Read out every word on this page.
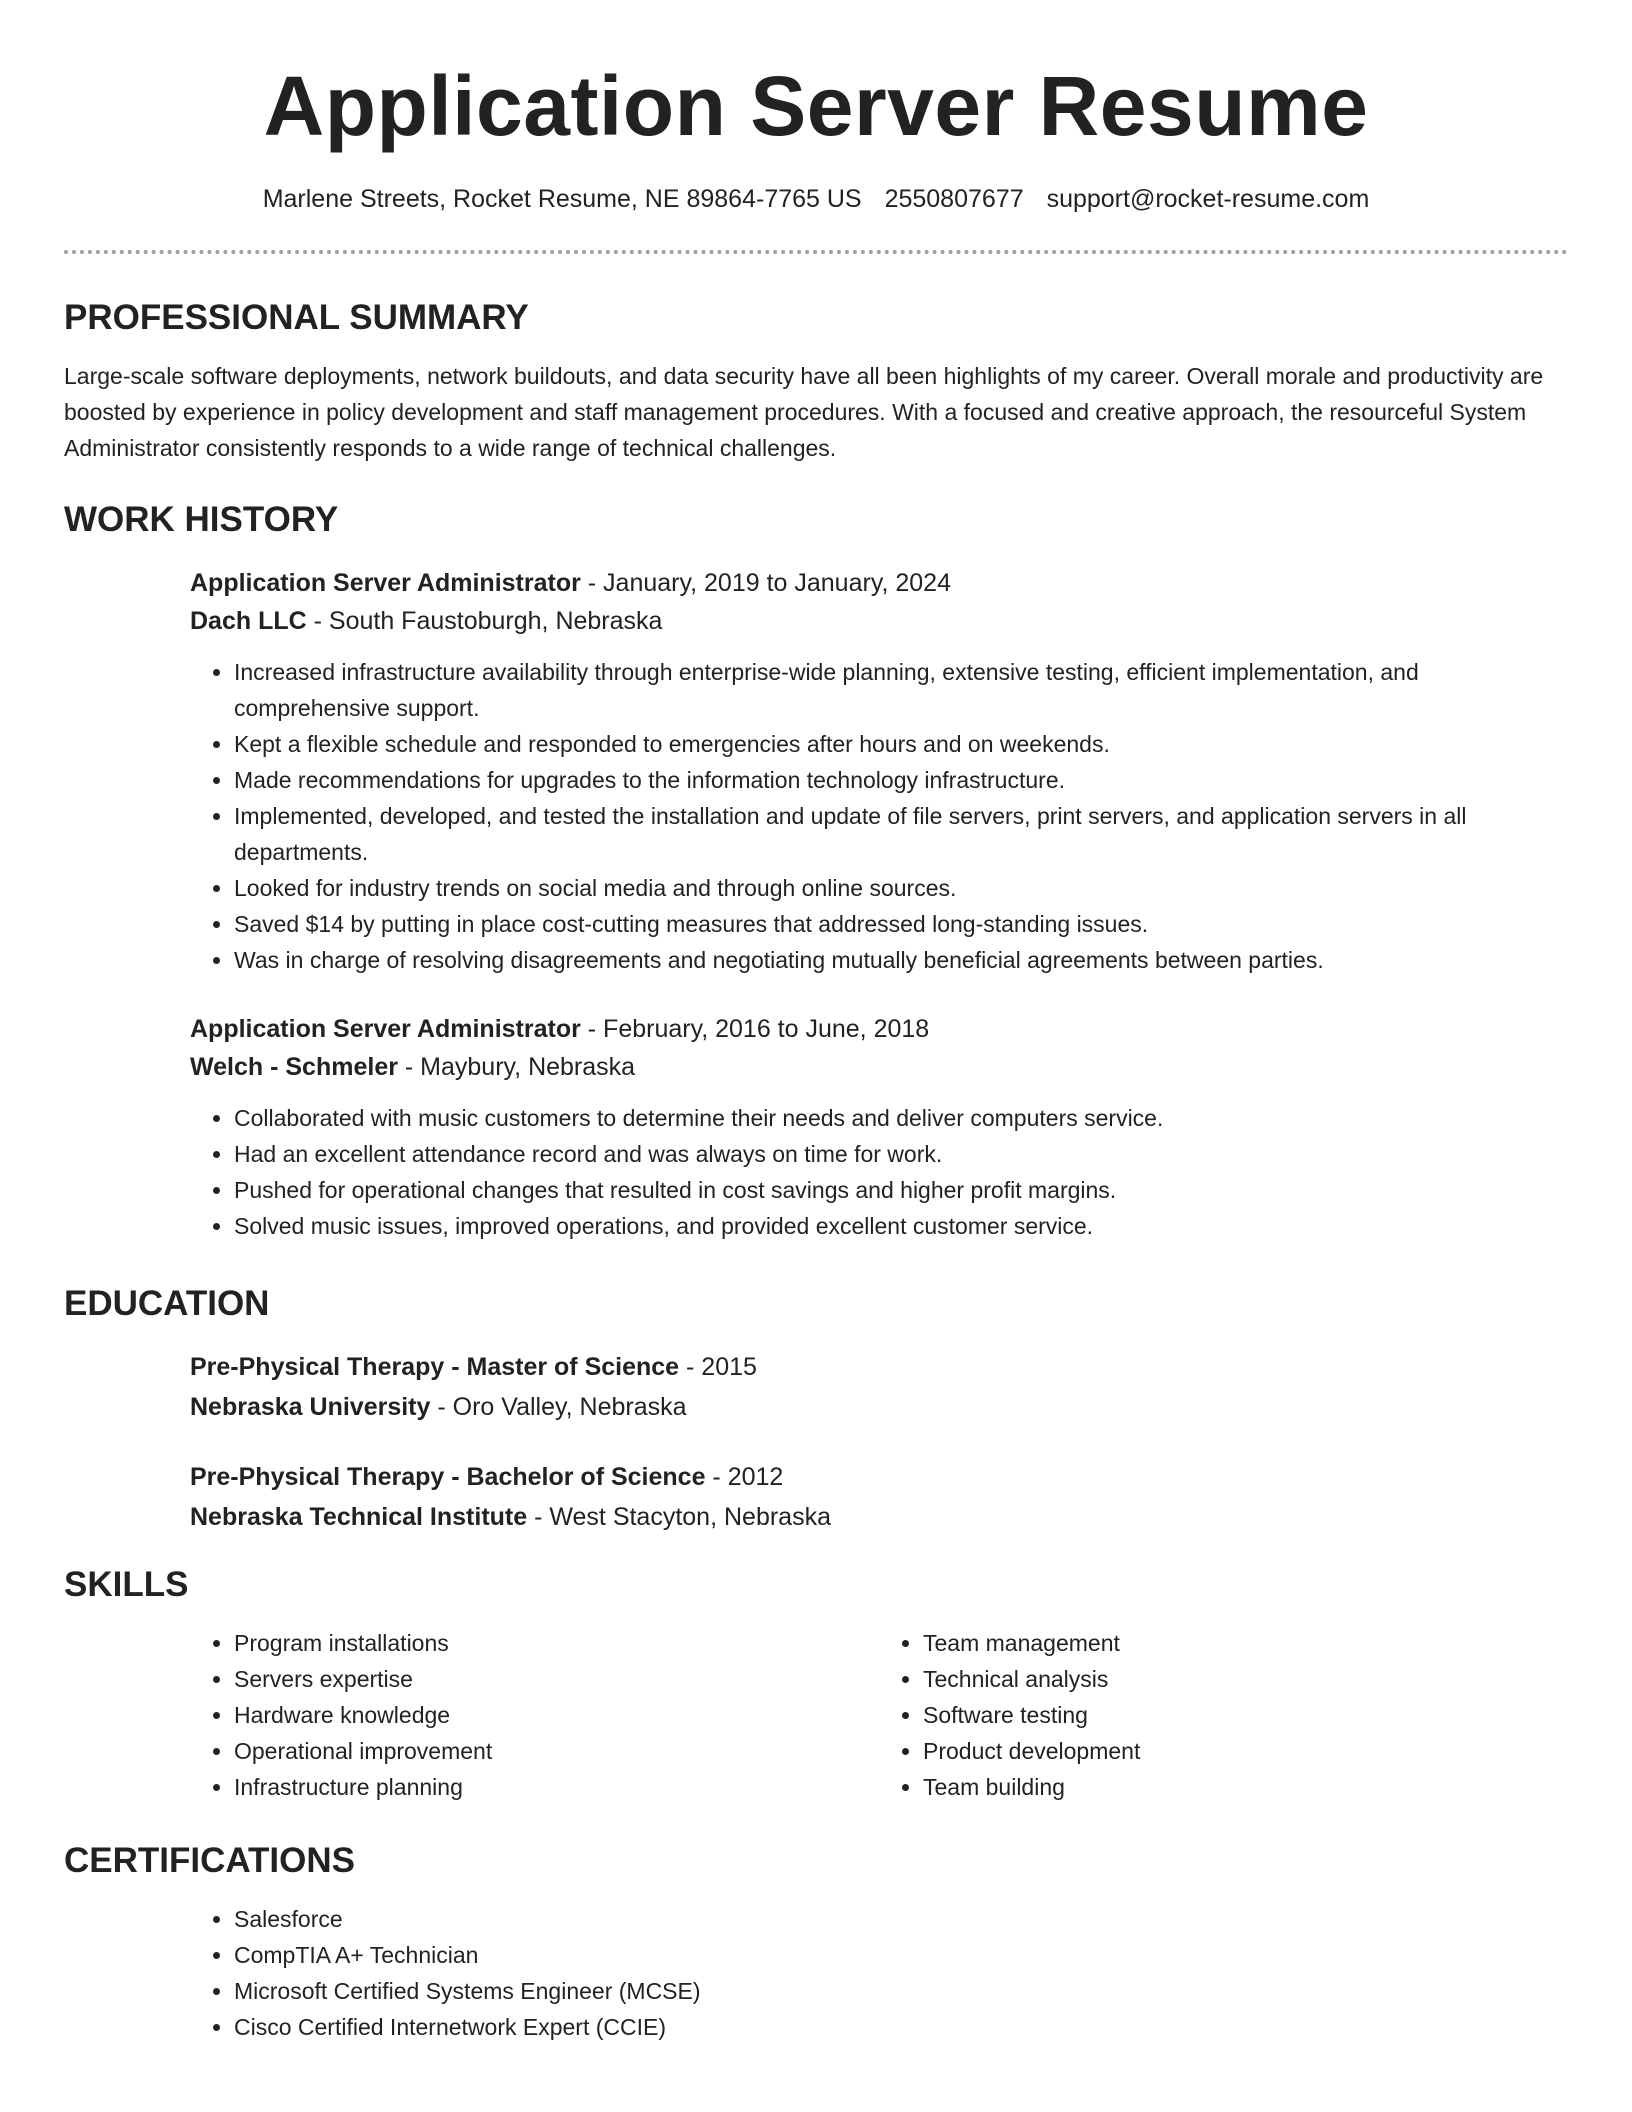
Application Server Resume
Marlene Streets, Rocket Resume, NE 89864-7765 US 2550807677 support@rocket-resume.com
PROFESSIONAL SUMMARY

Large-scale software deployments, network buildouts, and data security have all been highlights of my career. Overall morale and productivity are boosted by experience in policy development and staff management procedures. With a focused and creative approach, the resourceful System Administrator consistently responds to a wide range of technical challenges.

WORK HISTORY

Application Server Administrator - January, 2019 to January, 2024

Dach LLC - South Faustoburgh, Nebraska

• Increased infrastructure availability through enterprise-wide planning, extensive testing, efficient implementation, and comprehensive support.
• Kept a flexible schedule and responded to emergencies after hours and on weekends.
• Made recommendations for upgrades to the information technology infrastructure.
• Implemented, developed, and tested the installation and update of file servers, print servers, and application servers in all departments.
• Looked for industry trends on social media and through online sources.
• Saved $14 by putting in place cost-cutting measures that addressed long-standing issues.
• Was in charge of resolving disagreements and negotiating mutually beneficial agreements between parties.

Application Server Administrator - February, 2016 to June, 2018

Welch - Schmeler - Maybury, Nebraska

• Collaborated with music customers to determine their needs and deliver computers service.
• Had an excellent attendance record and was always on time for work.
• Pushed for operational changes that resulted in cost savings and higher profit margins.
• Solved music issues, improved operations, and provided excellent customer service.
EDUCATION

Pre-Physical Therapy - Master of Science - 2015

Nebraska University - Oro Valley, Nebraska

Pre-Physical Therapy - Bachelor of Science - 2012

Nebraska Technical Institute - West Stacyton, Nebraska

SKILLS
• Program installations
• Servers expertise
• Hardware knowledge
• Operational improvement
• Infrastructure planning
• Team management
• Technical analysis
• Software testing
• Product development
• Team building
CERTIFICATIONS
• Salesforce
• CompTIA A+ Technician
• Microsoft Certified Systems Engineer (MCSE)
• Cisco Certified Internetwork Expert (CCIE)
